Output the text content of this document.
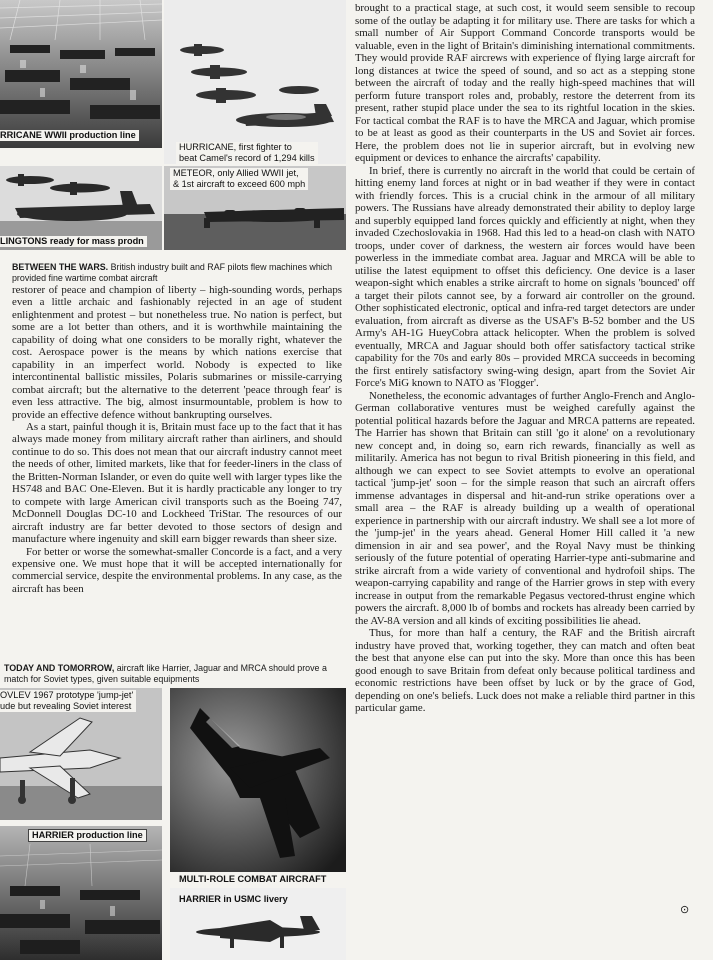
RRICANE WWII production line
HURRICANE, first fighter to
beat Camel's record of 1,294 kills
LINGTONS ready for mass prodn
METEOR, only Allied WWII jet,
& 1st aircraft to exceed 600 mph
BETWEEN THE WARS. British industry built and RAF pilots flew machines which provided fine wartime combat aircraft

restorer of peace and champion of liberty – high-sounding words, perhaps even a little archaic and fashionably rejected in an age of student enlightenment and protest – but nonetheless true. No nation is perfect, but some are a lot better than others, and it is worthwhile maintaining the capability of doing what one considers to be morally right, whatever the cost. Aerospace power is the means by which nations exercise that capability in an imperfect world. Nobody is expected to like intercontinental ballistic missiles, Polaris submarines or missile-carrying combat aircraft; but the alternative to the deterrent 'peace through fear' is even less attractive. The big, almost insurmountable, problem is how to provide an effective defence without bankrupting ourselves.

As a start, painful though it is, Britain must face up to the fact that it has always made money from military aircraft rather than airliners, and should continue to do so. This does not mean that our aircraft industry cannot meet the needs of other, limited markets, like that for feeder-liners in the class of the Britten-Norman Islander, or even do quite well with larger types like the HS748 and BAC One-Eleven. But it is hardly practicable any longer to try to compete with large American civil transports such as the Boeing 747, McDonnell Douglas DC-10 and Lockheed TriStar. The resources of our aircraft industry are far better devoted to those sectors of design and manufacture where ingenuity and skill earn bigger rewards than sheer size.

For better or worse the somewhat-smaller Concorde is a fact, and a very expensive one. We must hope that it will be accepted internationally for commercial service, despite the environmental problems. In any case, as the aircraft has been

TODAY AND TOMORROW, aircraft like Harrier, Jaguar and MRCA should prove a match for Soviet types, given suitable equipments
OVLEV 1967 prototype 'jump-jet'
ude but revealing Soviet interest
HARRIER production line
MULTI-ROLE COMBAT AIRCRAFT
HARRIER in USMC livery

brought to a practical stage, at such cost, it would seem sensible to recoup some of the outlay be adapting it for military use. There are tasks for which a small number of Air Support Command Concorde transports would be valuable, even in the light of Britain's diminishing international commitments. They would provide RAF aircrews with experience of flying large aircraft for long distances at twice the speed of sound, and so act as a stepping stone between the aircraft of today and the really high-speed machines that will perform future transport roles and, probably, restore the deterrent from its present, rather stupid place under the sea to its rightful location in the skies. For tactical combat the RAF is to have the MRCA and Jaguar, which promise to be at least as good as their counterparts in the US and Soviet air forces. Here, the problem does not lie in superior aircraft, but in evolving new equipment or devices to enhance the aircrafts' capability.

In brief, there is currently no aircraft in the world that could be certain of hitting enemy land forces at night or in bad weather if they were in contact with friendly forces. This is a crucial chink in the armour of all military powers. The Russians have already demonstrated their ability to deploy large and superbly equipped land forces quickly and efficiently at night, when they invaded Czechoslovakia in 1968. Had this led to a head-on clash with NATO troops, under cover of darkness, the western air forces would have been powerless in the immediate combat area. Jaguar and MRCA will be able to utilise the latest equipment to offset this deficiency. One device is a laser weapon-sight which enables a strike aircraft to home on signals 'bounced' off a target their pilots cannot see, by a forward air controller on the ground. Other sophisticated electronic, optical and infra-red target detectors are under evaluation, from aircraft as diverse as the USAF's B-52 bomber and the US Army's AH-1G HueyCobra attack helicopter. When the problem is solved eventually, MRCA and Jaguar should both offer satisfactory tactical strike capability for the 70s and early 80s – provided MRCA succeeds in becoming the first entirely satisfactory swing-wing design, apart from the Soviet Air Force's MiG known to NATO as 'Flogger'.

Nonetheless, the economic advantages of further Anglo-French and Anglo-German collaborative ventures must be weighed carefully against the potential political hazards before the Jaguar and MRCA patterns are repeated. The Harrier has shown that Britain can still 'go it alone' on a revolutionary new concept and, in doing so, earn rich rewards, financially as well as militarily. America has not begun to rival British pioneering in this field, and although we can expect to see Soviet attempts to evolve an operational tactical 'jump-jet' soon – for the simple reason that such an aircraft offers immense advantages in dispersal and hit-and-run strike operations over a small area – the RAF is already building up a wealth of operational experience in partnership with our aircraft industry. We shall see a lot more of the 'jump-jet' in the years ahead. General Homer Hill called it 'a new dimension in air and sea power', and the Royal Navy must be thinking seriously of the future potential of operating Harrier-type anti-submarine and strike aircraft from a wide variety of conventional and hydrofoil ships. The weapon-carrying capability and range of the Harrier grows in step with every increase in output from the remarkable Pegasus vectored-thrust engine which powers the aircraft. 8,000 lb of bombs and rockets has already been carried by the AV-8A version and all kinds of exciting possibilities lie ahead.

Thus, for more than half a century, the RAF and the British aircraft industry have proved that, working together, they can match and often beat the best that anyone else can put into the sky. More than once this has been good enough to save Britain from defeat only because political tardiness and economic restrictions have been offset by luck or by the grace of God, depending on one's beliefs. Luck does not make a reliable third partner in this particular game.

⊙
